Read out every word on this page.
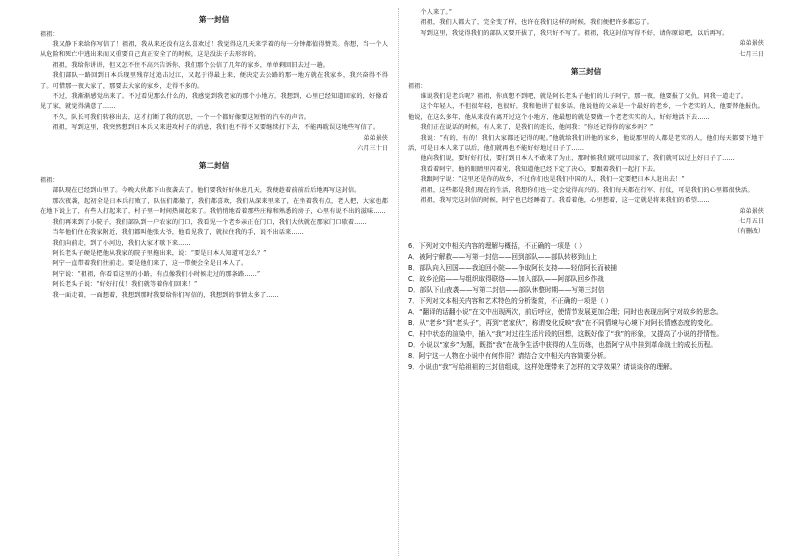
第一封信
祖祖：

我又静下来给你写信了！祖祖，我从来还没有这么喜欢过！我觉得这几天来学着的每一分钟都值得赞美。你想，当一个人从危险和死亡中逃出来而又重要自己真正安全了的时候，这是没法子去形容的。

祖祖，我给你讲讲，但又怎不住不高兴告诉你，我们那个公信了几年的家乡，单单剩回旧去过一趟。

我们部队一路回到日本兵现里残存过追击过江，又起于得最上来，便决定去公路的那一地方就在我家乡，我兴奋得不得了。可惜那一夜大家了，那要去大家的家乡，走得不多的。

不过，我渐渐感觉出来了。不过看见那么什么的，我感觉到我老家的那个小地方，我想到，心里已经知道回家的，好像看见了家，就觉得满意了……

不久，队长可我们转移出去，这才打断了我的沉思，一个一个都好像要这短暂的汽车的声音。

祖祖，写到这里，我突然想到日本兵又来进攻村子的消息，我们也不得不又要继续打下去，不能再耽误这地些写信了。

弟弟景侠
六月三十日
第二封信
祖祖：

部队现在已经到山里了。今晚大伙都下山夜袭去了。他们要我好好休息几天，我便趁着前前后后地再写这封信。

那次夜袭，起初全是日本兵打败了，队伍们都撤了，我们都喜欢，我们从深来里来了，在坐着我有点，老人把，大家也都在地下说上了，有些人打起来了，村子里一时间热闹起来了。我悄悄地看着那些庄稼和熟悉的房子，心里有说不出的滋味……

我们再来到了小院子，我们部队到一户农家的门口，我看见一个老乡亲正在门口，我们大伙就在那家门口歇着……

当年他们住在我家附近，我们都叫他张大爷，他看见我了，就拉住我的手，说不出话来……

我们向前走，到了小河边，我们大家才歇下来……

阿长老头子硬是把他从我家的院子里拖出来，说：“要是日本人知道可怎么？”

阿宁一直带着我们往前走。要是他们来了，这一带便会全是日本人了。

阿宁说：“祖祖，你看看这里的小路，有点像我们小时候走过的那条路……”

阿长老头子说：“好好打仗！我们就等着你们回来！”

我一面走着，一面想着，我想到那时我要给你们写信的，我想到的事情太多了……

个人来了。”

祖祖，我们人都大了，完全变了样，也许在我们这样的时候，我们便把许多都忘了。

写到这里，我觉得我们的部队又要开拔了，我只好不写了。祖祖，我这封信写得不好，请你原谅吧，以后再写。

弟弟景侠
七月三日
第三封信
祖祖：

谁说我们是老兵呢？祖祖，你真想不到吧，就是阿长老头子他们的儿子阿宁，那一夜，他要报了父仇，同我一道走了。

这个年轻人，不但很年轻，也很好，我和他讲了很多话，他说他的父亲是一个最好的老乡，一个老实的人，他要替他报仇。他说，在这么多年，他从来没有离开过这个小地方，他最想的就是要做一个老老实实的人，好好地活下去……

我们正在说话的时候，有人来了，是我们的连长，他问我：“你还记得你的家乡吗？”

我说：“有的，有的！我们大家都还记得的呢。”他就给我们讲他的家乡，他说那里的人都是老实的人，他们每天都要下地干活，可是日本人来了以后，他们就再也不能好好地过日子了……

他向我们说，要好好打仗，要打到日本人不敢来了为止，那时候我们就可以回家了，我们就可以过上好日子了……

我看着阿宁，他的眼睛里闪着光，我知道他已经下定了决心，要跟着我们一起打下去。

我跟阿宁说：“这里还是你的故乡，不过你们也是我们中国的人，我们一定要把日本人赶出去！”

祖祖，这些都是我们现在的生活，我想你们也一定会觉得高兴的。我们每天都在行军、打仗，可是我们的心里都很快活。

祖祖，我写完这封信的时候，阿宁也已经睡着了。我看着他，心里想着，这一定就是将来我们的希望……

弟弟景侠
七月五日
（有删改）
6．下列对文中相关内容的理解与概括，不正确的一项是（ ）
A．被阿宁解救——写第一封信——回到部队——部队转移到山上
B．部队向入回国——我迫回小院——争取阿长支持——轻信阿长而被捕
C．故乡沦陷——与组织取得联络——加入部队——阿部队回乡作战
D．部队下山夜袭——写第二封信——部队休整时期——写第三封信
7．下列对文本相关内容和艺术特色的分析鉴赏，不正确的一项是（ ）
A．“翻译的话翻小说”在文中出现两次，前后呼应，使情节发展更加合理；同时也表现出阿宁对故乡的思念。
B．从“老乡”到“老头子”，再到“老家伙”，称谓变化反映“我”在不同情境与心境下对阿长情感态度的变化。
C．村中状态的渲染中，插入“我”对过往生活片段的回想，这既好像了“我”的形象，又提高了小说的抒情性。
D．小说以“家乡”为题，既指“我”在战争生活中获得的人生历练，也指阿宁从中挂到革命战士的成长历程。
8．阿宁这一人物在小说中有何作用？请结合文中相关内容简要分析。
9．小说由“我”写给祖祖的三封信组成，这样处理带来了怎样的文学效果？请谈谈你的理解。
